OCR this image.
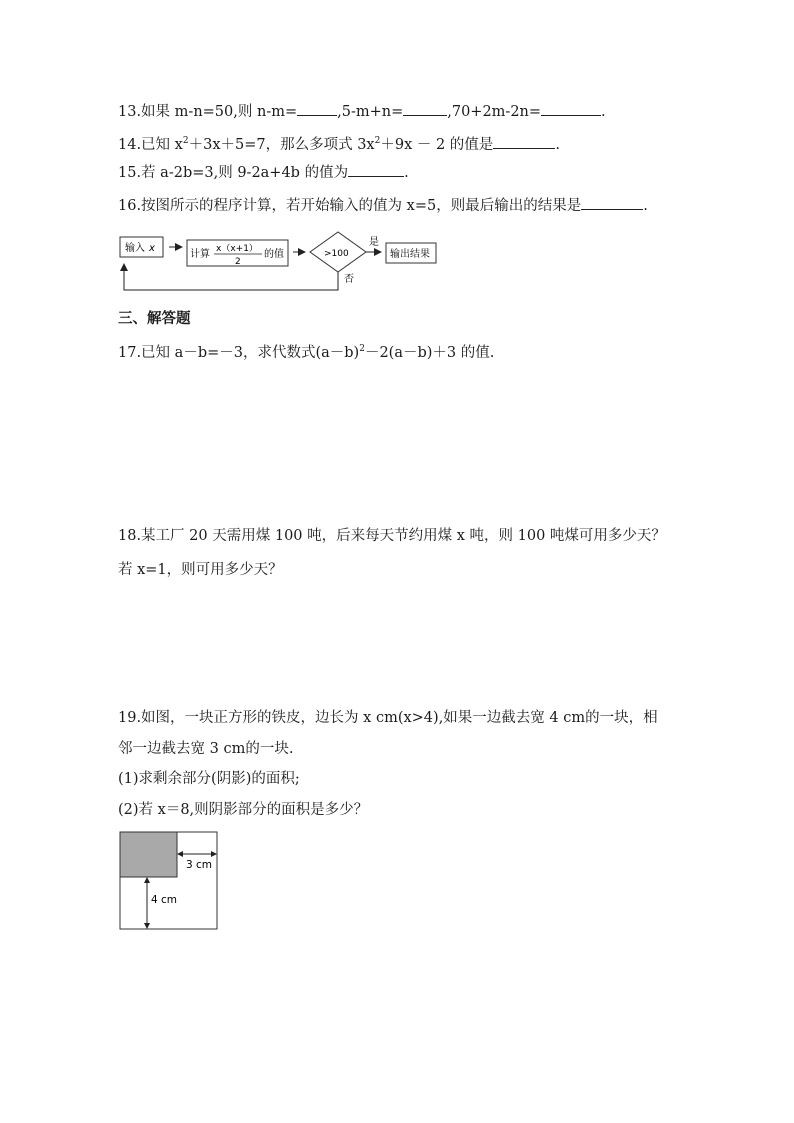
13.如果 m-n=50,则 n-m=	,5-m+n=	,70+2m-2n=	.
14.已知 $x^2+3x+5=7$，那么多项式 $3x^2+9x - 2$ 的值是	.
15.若 a-2b=3,则 9-2a+4b 的值为	.
16.按图所示的程序计算，若开始输入的值为 x=5，则最后输出的结果是	.
输入 x
计算 x（x+1）
2
的值	>100
是
输出结果
否
三、解答题
17.已知 a－b=－3，求代数式$(a-b)^2-2(a-b)+3$ 的值.
18.某工厂 20 天需用煤 100 吨，后来每天节约用煤 x 吨，则 100 吨煤可用多少天？
若 x=1，则可用多少天？
19.如图，一块正方形的铁皮，边长为 x cm(x>4),如果一边截去宽 4 cm的一块，相
邻一边截去宽 3 cm的一块.
(1)求剩余部分(阴影)的面积;
(2)若 x＝8,则阴影部分的面积是多少？
3 cm
4 cm
